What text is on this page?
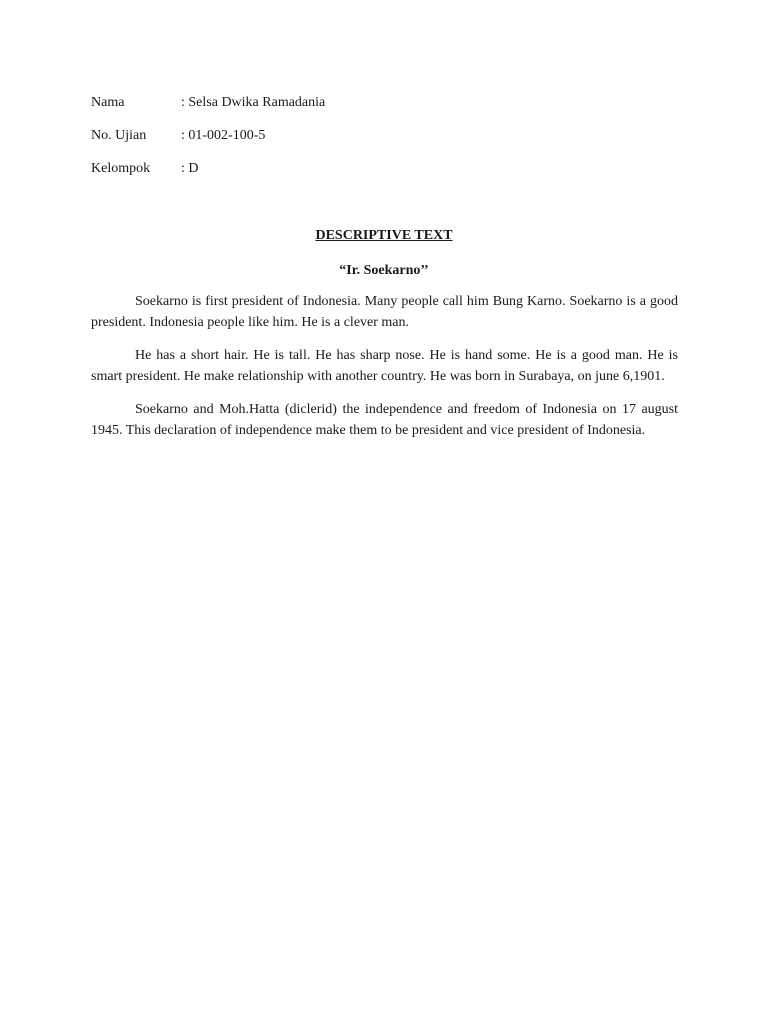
Nama	: Selsa Dwika Ramadania
No. Ujian	: 01-002-100-5
Kelompok	: D
DESCRIPTIVE TEXT
“Ir. Soekarno’’

Soekarno is first president of Indonesia. Many people call him Bung Karno. Soekarno is a good president. Indonesia people like him. He is a clever man.

He has a short hair. He is tall. He has sharp nose. He is hand some. He is a good man. He is smart president. He make relationship with another country. He was born in Surabaya, on june 6,1901.

Soekarno and Moh.Hatta (diclerid) the independence and freedom of Indonesia on 17 august 1945. This declaration of independence make them to be president and vice president of Indonesia.
